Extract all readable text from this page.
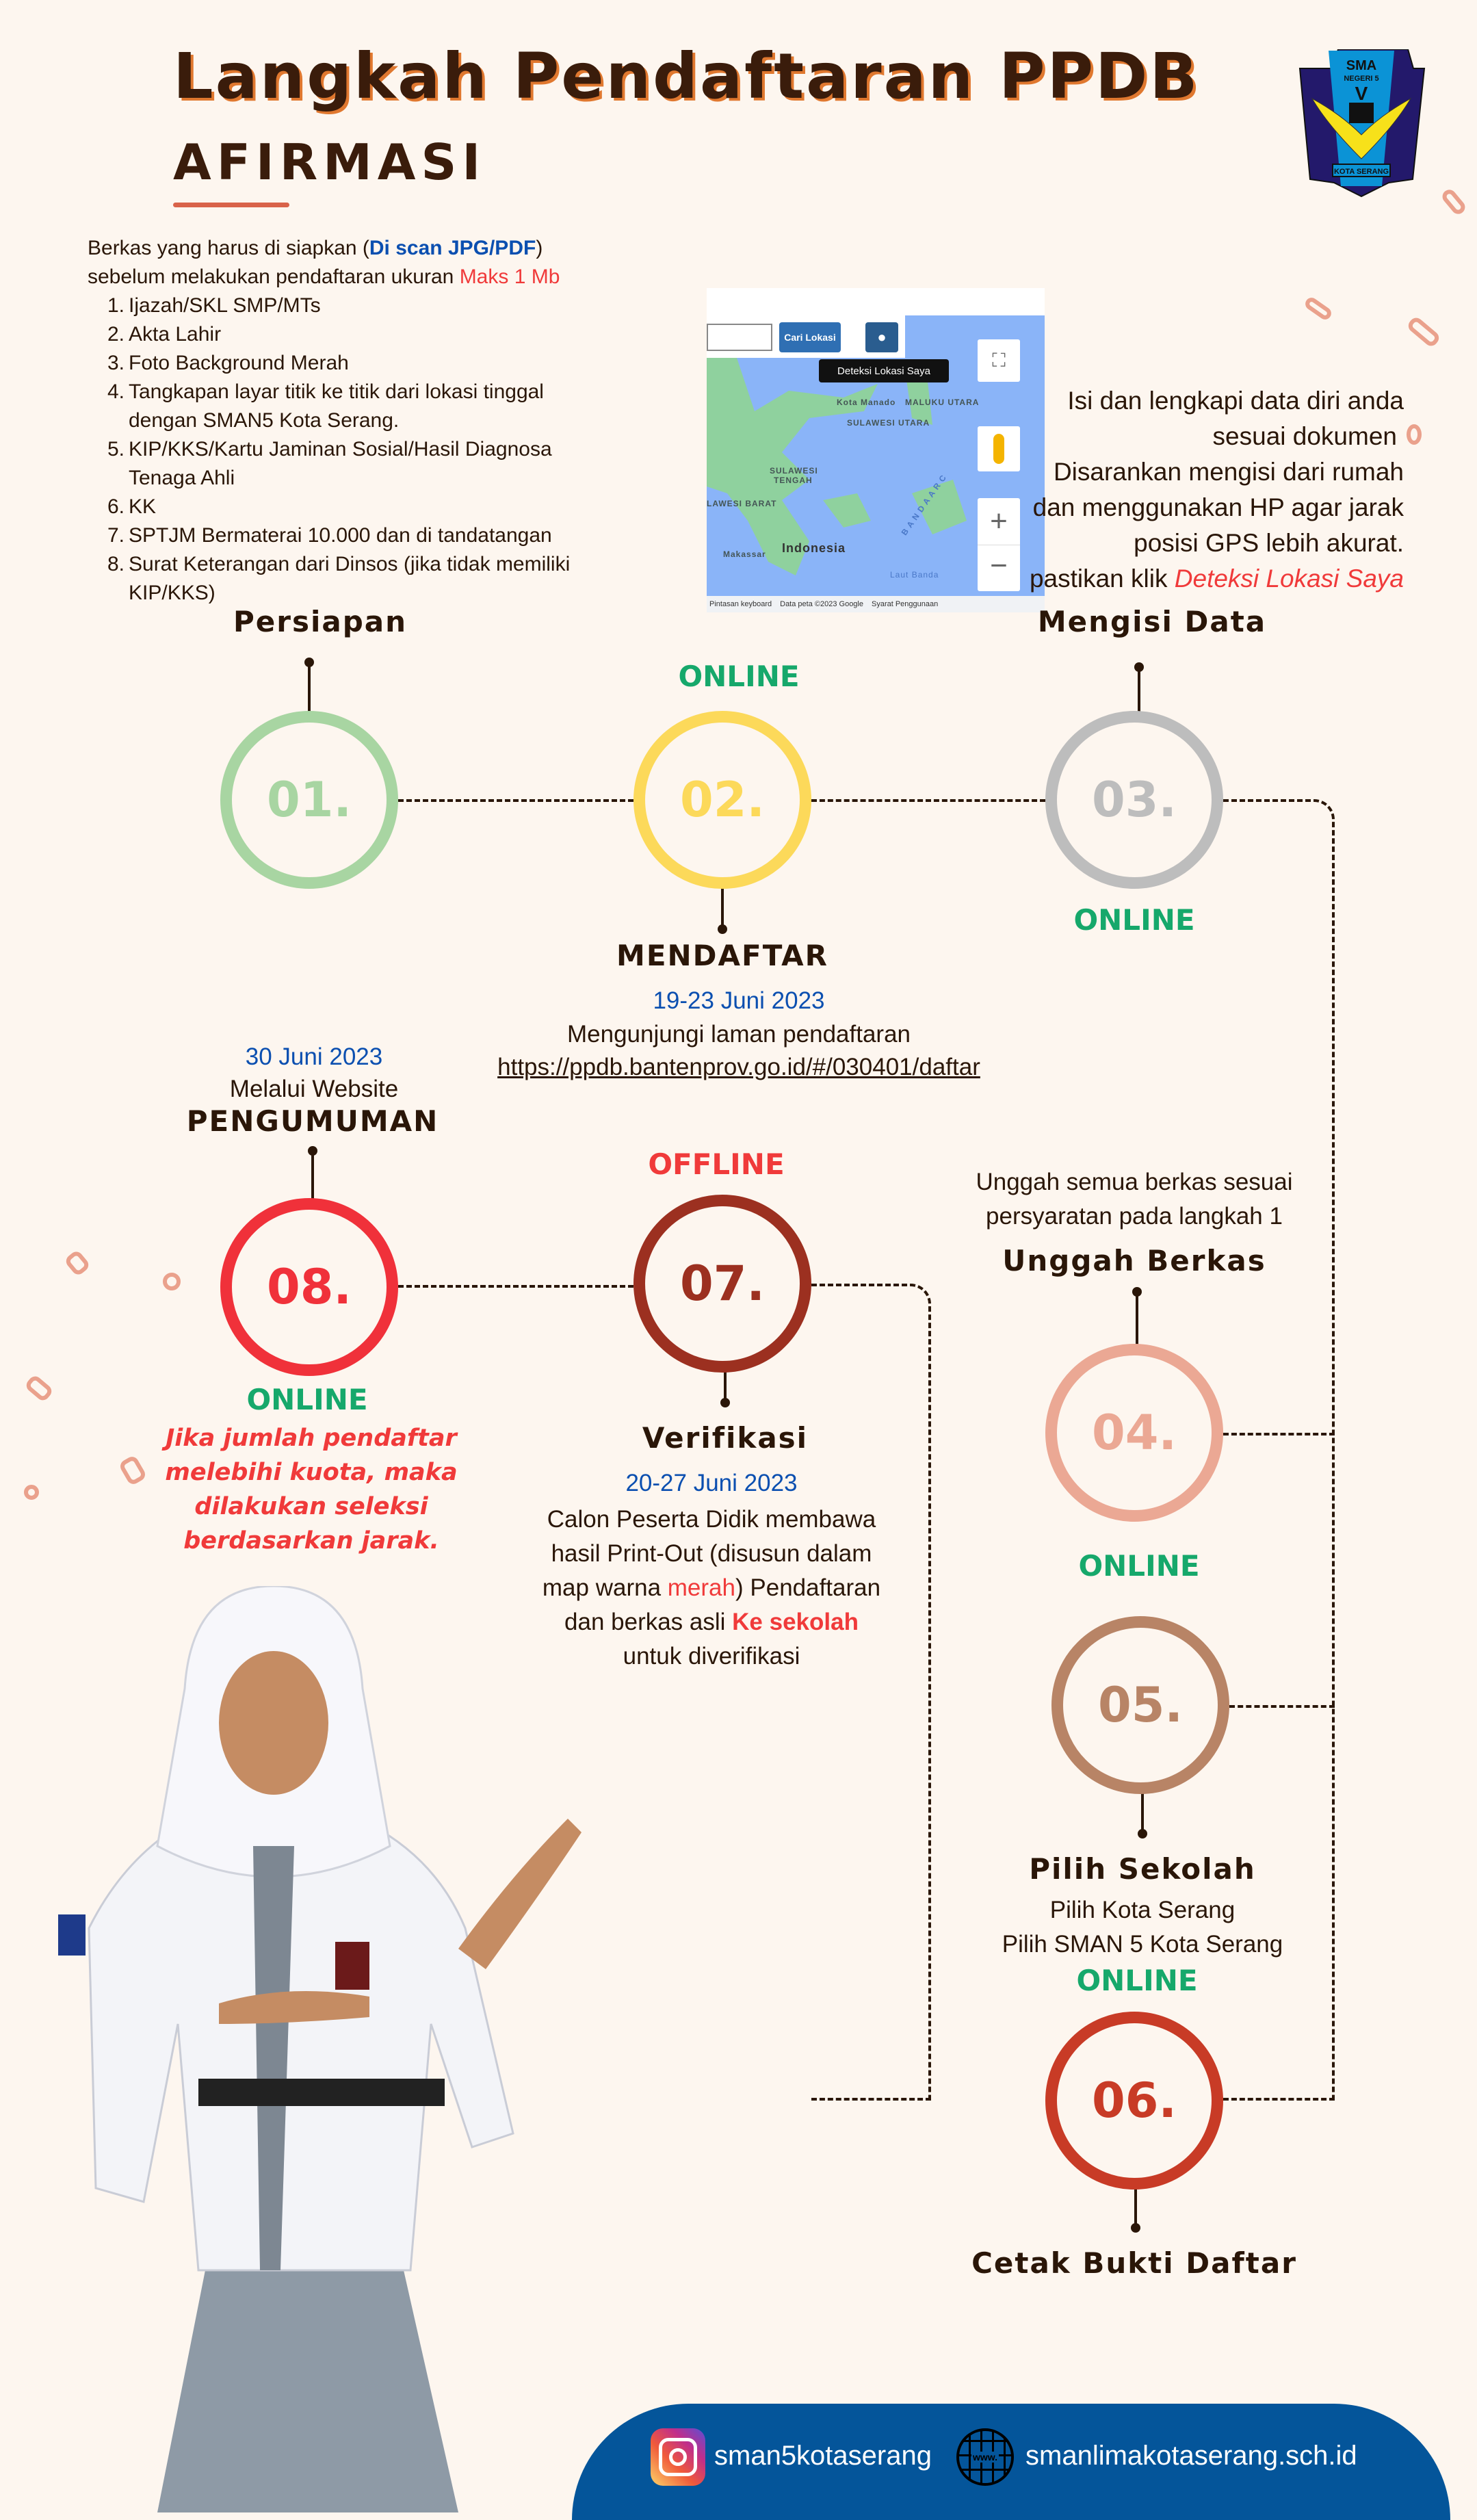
Langkah Pendaftaran PPDB
AFIRMASI
SMA
NEGERI 5
V
KOTA SERANG
Berkas yang harus di siapkan (Di scan JPG/PDF)
sebelum melakukan pendaftaran ukuran Maks 1 Mb
1. Ijazah/SKL SMP/MTs
2. Akta Lahir
3. Foto Background Merah
4. Tangkapan layar titik ke titik dari lokasi tinggal dengan SMAN5 Kota Serang.
5. KIP/KKS/Kartu Jaminan Sosial/Hasil Diagnosa Tenaga Ahli
6. KK
7. SPTJM Bermaterai 10.000 dan di tandatangan
8. Surat Keterangan dari Dinsos (jika tidak memiliki KIP/KKS)
Kota Manado MALUKU UTARA
SULAWESI UTARA
SULAWESI
TENGAH
LAWESI BARAT
Indonesia
Makassar
Laut Banda
B A N D A A R C
Cari Lokasi	●
Deteksi Lokasi Saya
⛶
+
−
Pintasan keyboard Data peta ©2023 Google Syarat Penggunaan
Isi dan lengkapi data diri anda
sesuai dokumen
Disarankan mengisi dari rumah
dan menggunakan HP agar jarak
posisi GPS lebih akurat.
pastikan klik Deteksi Lokasi Saya
01.	02.	03.
04.
05.
06.
07.
08.
Persiapan
ONLINE
MENDAFTAR
19-23 Juni 2023
Mengunjungi laman pendaftaran
https://ppdb.bantenprov.go.id/#/030401/daftar
Mengisi Data
ONLINE
Unggah semua berkas sesuai
persyaratan pada langkah 1
Unggah Berkas
ONLINE
Pilih Sekolah
Pilih Kota Serang
Pilih SMAN 5 Kota Serang
ONLINE
Cetak Bukti Daftar
OFFLINE
Verifikasi
20-27 Juni 2023
Calon Peserta Didik membawa
hasil Print-Out (disusun dalam
map warna merah) Pendaftaran
dan berkas asli Ke sekolah
untuk diverifikasi
30 Juni 2023
Melalui Website
PENGUMUMAN
ONLINE
Jika jumlah pendaftar
melebihi kuota, maka
dilakukan seleksi
berdasarkan jarak.
sman5kotaserang	www. smanlimakotaserang.sch.id
